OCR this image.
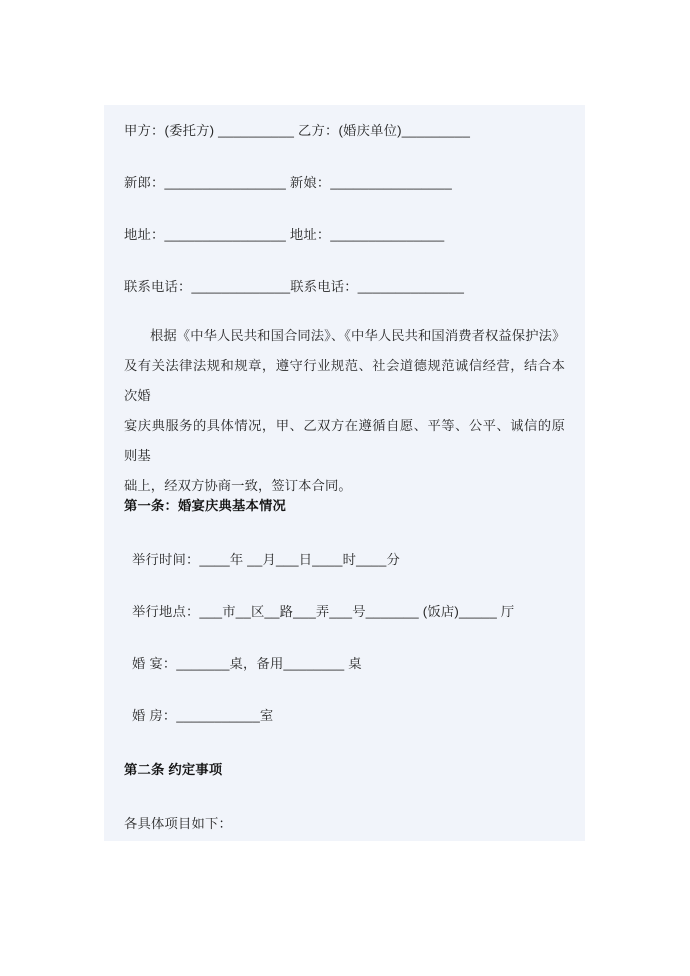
甲方：(委托方) __________ 乙方：(婚庆单位)_________
新郎：________________ 新娘：________________
地址：________________ 地址：_______________
联系电话：_____________联系电话：______________
根据《中华人民共和国合同法》、《中华人民共和国消费者权益保护法》
及有关法律法规和规章，遵守行业规范、社会道德规范诚信经营，结合本次婚
宴庆典服务的具体情况，甲、乙双方在遵循自愿、平等、公平、诚信的原则基
础上，经双方协商一致，签订本合同。
第一条：婚宴庆典基本情况
举行时间：____年 __月___日____时____分
举行地点：___市__区__路___弄___号_______ (饭店)_____ 厅
婚 宴：_______桌，备用________ 桌
婚 房：___________室
第二条 约定事项
各具体项目如下：
